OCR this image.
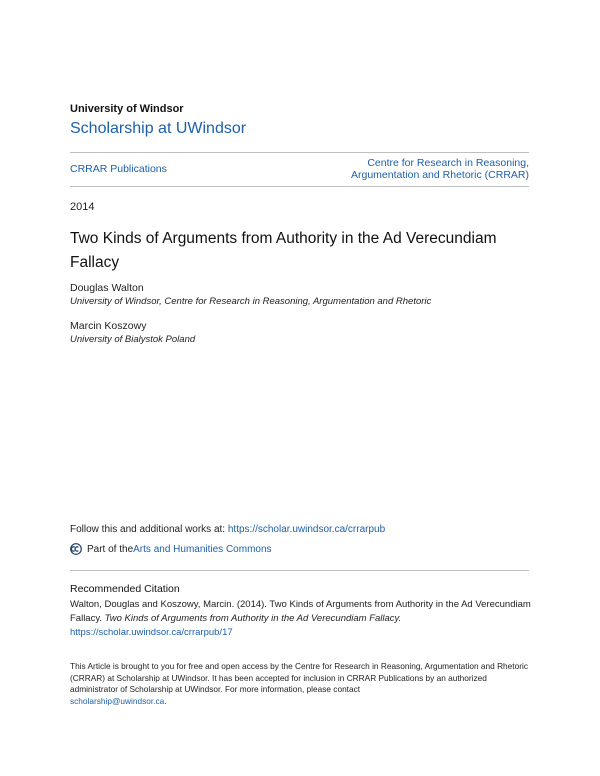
University of Windsor
Scholarship at UWindsor
CRRAR Publications	Centre for Research in Reasoning,
Argumentation and Rhetoric (CRRAR)
2014
Two Kinds of Arguments from Authority in the Ad Verecundiam Fallacy
Douglas Walton
University of Windsor, Centre for Research in Reasoning, Argumentation and Rhetoric
Marcin Koszowy
University of Bialystok Poland
Follow this and additional works at: https://scholar.uwindsor.ca/crrarpub
Part of the Arts and Humanities Commons
Recommended Citation
Walton, Douglas and Koszowy, Marcin. (2014). Two Kinds of Arguments from Authority in the Ad Verecundiam Fallacy. Two Kinds of Arguments from Authority in the Ad Verecundiam Fallacy.
https://scholar.uwindsor.ca/crrarpub/17
This Article is brought to you for free and open access by the Centre for Research in Reasoning, Argumentation and Rhetoric (CRRAR) at Scholarship at UWindsor. It has been accepted for inclusion in CRRAR Publications by an authorized administrator of Scholarship at UWindsor. For more information, please contact
scholarship@uwindsor.ca.
